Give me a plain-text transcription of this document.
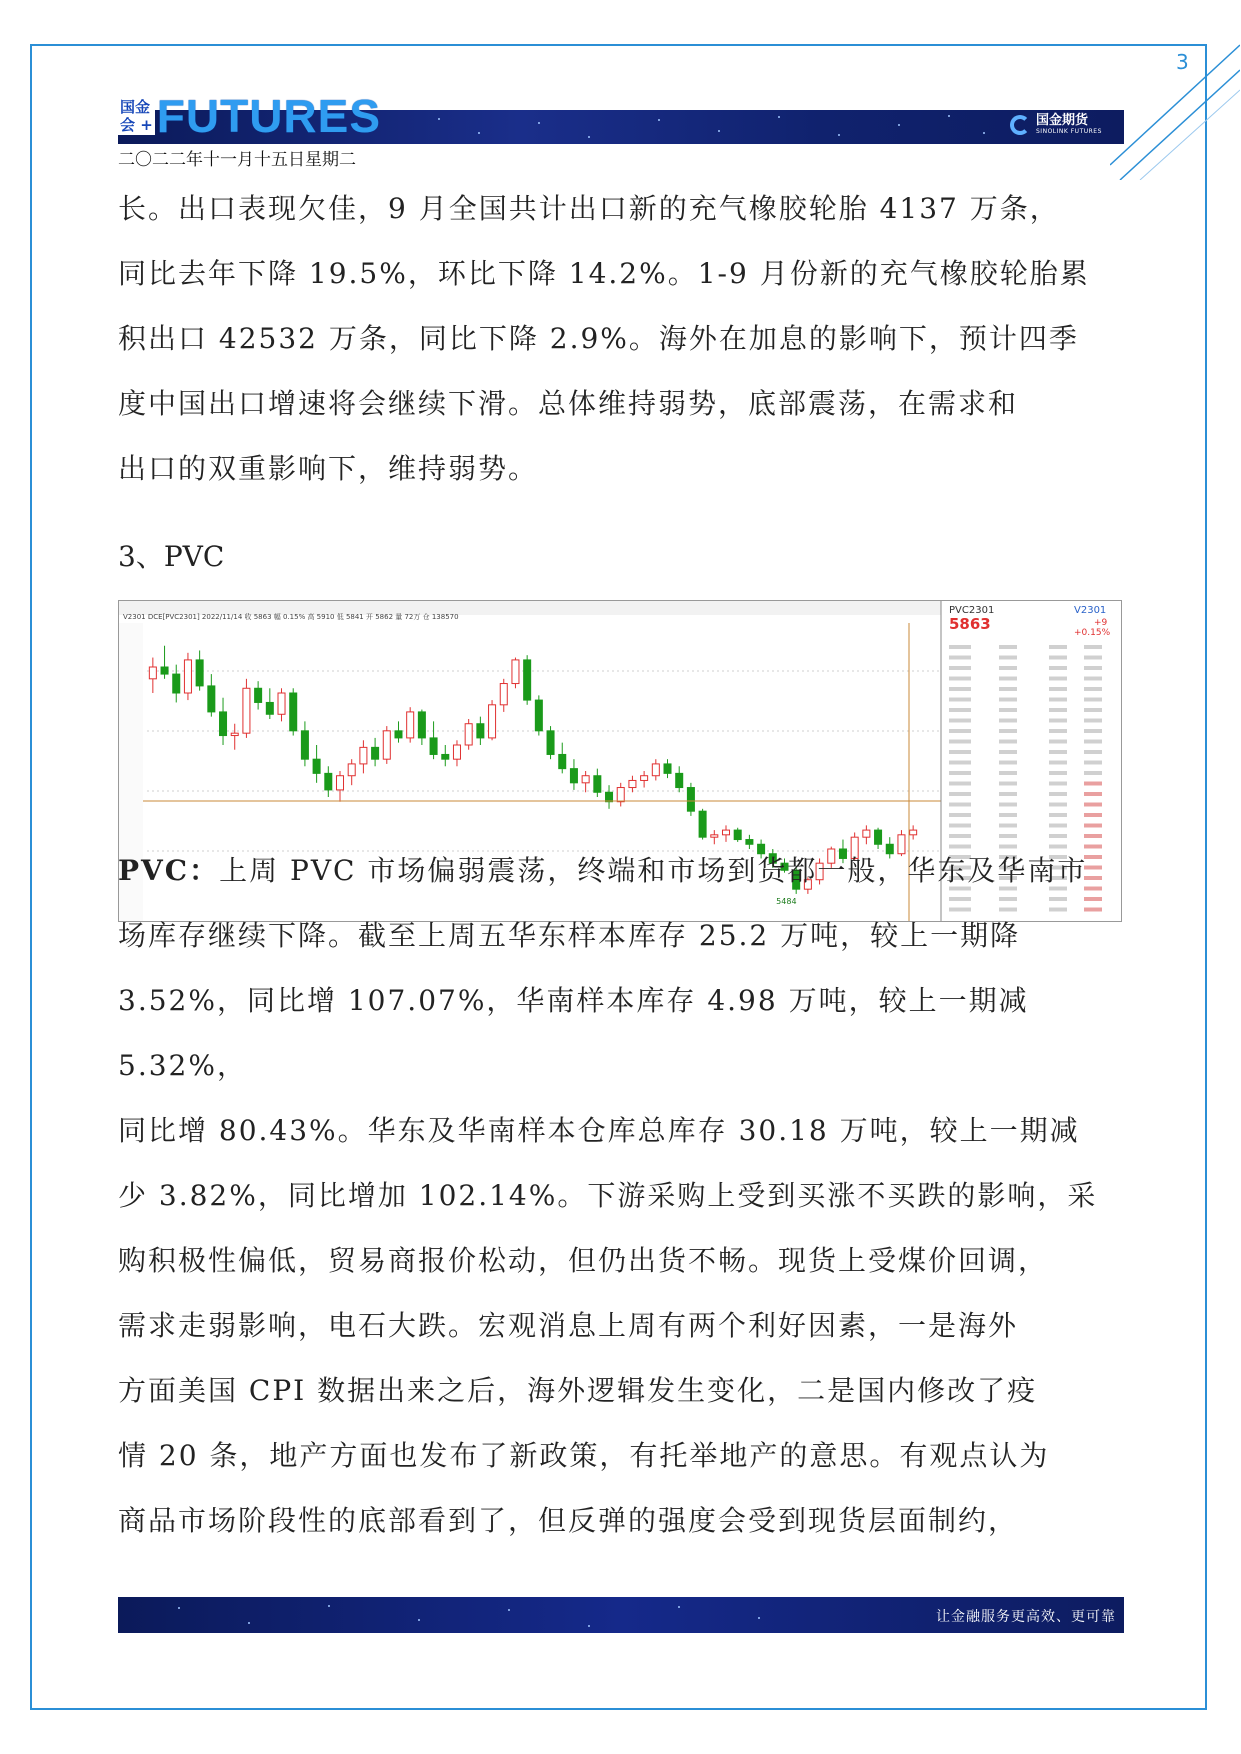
3
国金
会 + FUTURES	国金期货
SINOLINK FUTURES
二〇二二年十一月十五日星期二
长。出口表现欠佳，9 月全国共计出口新的充气橡胶轮胎 4137 万条，
同比去年下降 19.5%，环比下降 14.2%。1-9 月份新的充气橡胶轮胎累
积出口 42532 万条，同比下降 2.9%。海外在加息的影响下，预计四季
度中国出口增速将会继续下滑。总体维持弱势，底部震荡，在需求和
出口的双重影响下，维持弱势。
3、PVC
V2301 DCE[PVC2301] 2022/11/14 收 5863 幅 0.15% 高 5910 低 5841 开 5862 量 72万 仓 138570
5484
PVC2301	V2301
5863	+9
+0.15%
PVC：上周 PVC 市场偏弱震荡，终端和市场到货都一般，华东及华南市
场库存继续下降。截至上周五华东样本库存 25.2 万吨，较上一期降
3.52%，同比增 107.07%，华南样本库存 4.98 万吨，较上一期减 5.32%，
同比增 80.43%。华东及华南样本仓库总库存 30.18 万吨，较上一期减
少 3.82%，同比增加 102.14%。下游采购上受到买涨不买跌的影响，采
购积极性偏低，贸易商报价松动，但仍出货不畅。现货上受煤价回调，
需求走弱影响，电石大跌。宏观消息上周有两个利好因素，一是海外
方面美国 CPI 数据出来之后，海外逻辑发生变化，二是国内修改了疫
情 20 条，地产方面也发布了新政策，有托举地产的意思。有观点认为
商品市场阶段性的底部看到了，但反弹的强度会受到现货层面制约，
让金融服务更高效、更可靠
